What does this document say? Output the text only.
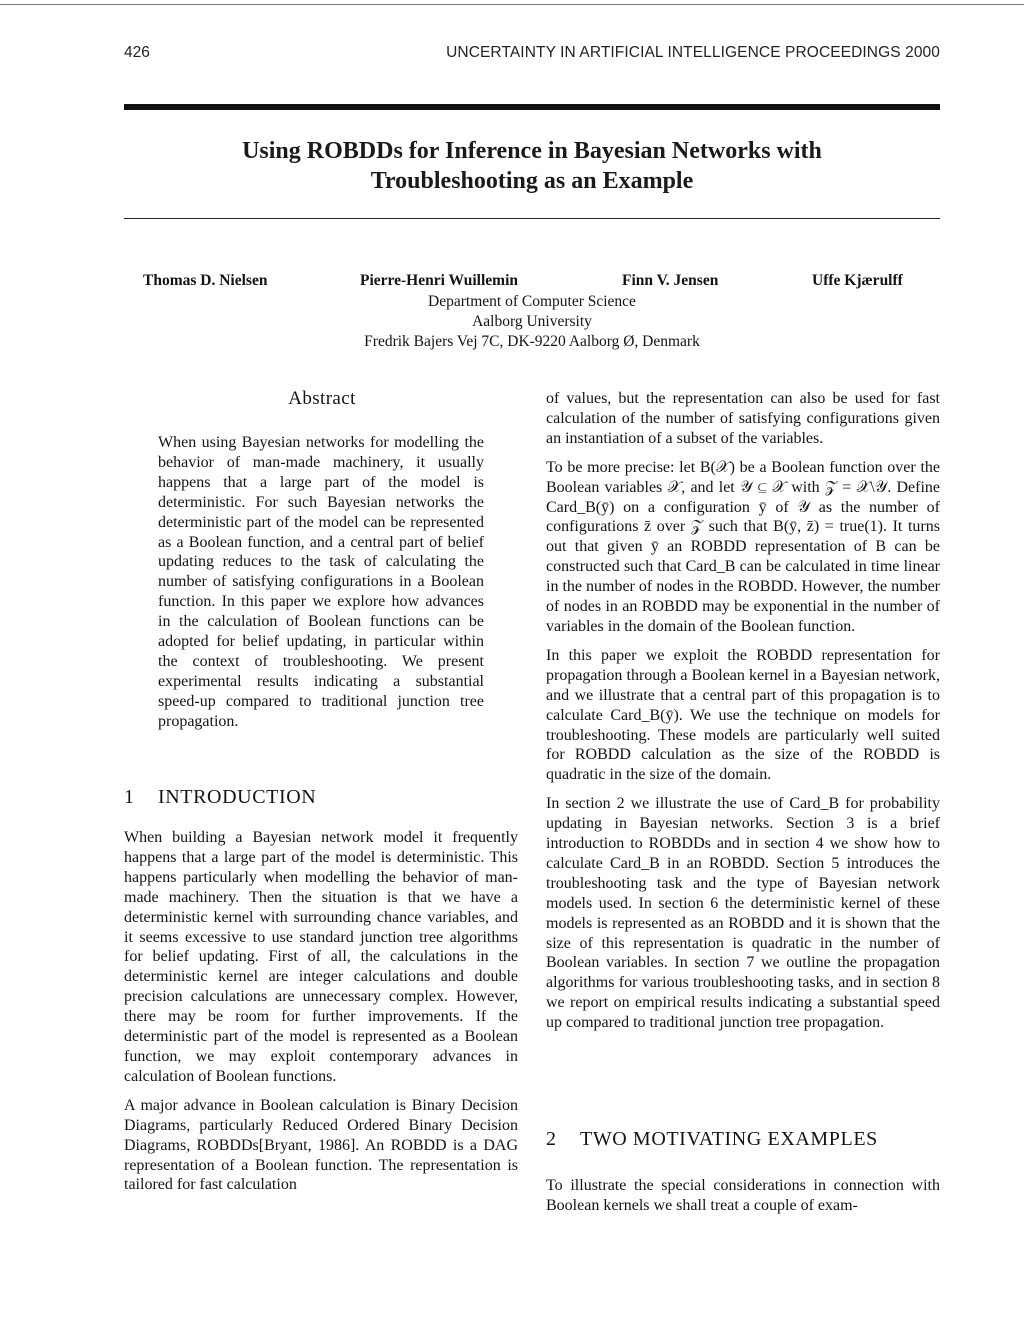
426	UNCERTAINTY IN ARTIFICIAL INTELLIGENCE PROCEEDINGS 2000
Using ROBDDs for Inference in Bayesian Networks with
Troubleshooting as an Example
Thomas D. Nielsen	Pierre-Henri Wuillemin	Finn V. Jensen	Uffe Kjærulff
Department of Computer Science
Aalborg University
Fredrik Bajers Vej 7C, DK-9220 Aalborg Ø, Denmark
Abstract

When using Bayesian networks for modelling the behavior of man-made machinery, it usually happens that a large part of the model is deterministic. For such Bayesian networks the deterministic part of the model can be represented as a Boolean function, and a central part of belief updating reduces to the task of calculating the number of satisfying configurations in a Boolean function. In this paper we explore how advances in the calculation of Boolean functions can be adopted for belief updating, in particular within the context of troubleshooting. We present experimental results indicating a substantial speed-up compared to traditional junction tree propagation.

1 INTRODUCTION

When building a Bayesian network model it frequently happens that a large part of the model is deterministic. This happens particularly when modelling the behavior of man-made machinery. Then the situation is that we have a deterministic kernel with surrounding chance variables, and it seems excessive to use standard junction tree algorithms for belief updating. First of all, the calculations in the deterministic kernel are integer calculations and double precision calculations are unnecessary complex. However, there may be room for further improvements. If the deterministic part of the model is represented as a Boolean function, we may exploit contemporary advances in calculation of Boolean functions.

A major advance in Boolean calculation is Binary Decision Diagrams, particularly Reduced Ordered Binary Decision Diagrams, ROBDDs[Bryant, 1986]. An ROBDD is a DAG representation of a Boolean function. The representation is tailored for fast calculation

of values, but the representation can also be used for fast calculation of the number of satisfying configurations given an instantiation of a subset of the variables.

To be more precise: let B(𝒳) be a Boolean function over the Boolean variables 𝒳, and let 𝒴 ⊆ 𝒳 with 𝒵 = 𝒳\𝒴. Define Card_B(ȳ) on a configuration ȳ of 𝒴 as the number of configurations z̄ over 𝒵 such that B(ȳ, z̄) = true(1). It turns out that given ȳ an ROBDD representation of B can be constructed such that Card_B can be calculated in time linear in the number of nodes in the ROBDD. However, the number of nodes in an ROBDD may be exponential in the number of variables in the domain of the Boolean function.

In this paper we exploit the ROBDD representation for propagation through a Boolean kernel in a Bayesian network, and we illustrate that a central part of this propagation is to calculate Card_B(ȳ). We use the technique on models for troubleshooting. These models are particularly well suited for ROBDD calculation as the size of the ROBDD is quadratic in the size of the domain.

In section 2 we illustrate the use of Card_B for probability updating in Bayesian networks. Section 3 is a brief introduction to ROBDDs and in section 4 we show how to calculate Card_B in an ROBDD. Section 5 introduces the troubleshooting task and the type of Bayesian network models used. In section 6 the deterministic kernel of these models is represented as an ROBDD and it is shown that the size of this representation is quadratic in the number of Boolean variables. In section 7 we outline the propagation algorithms for various troubleshooting tasks, and in section 8 we report on empirical results indicating a substantial speed up compared to traditional junction tree propagation.

2 TWO MOTIVATING EXAMPLES

To illustrate the special considerations in connection with Boolean kernels we shall treat a couple of exam-
